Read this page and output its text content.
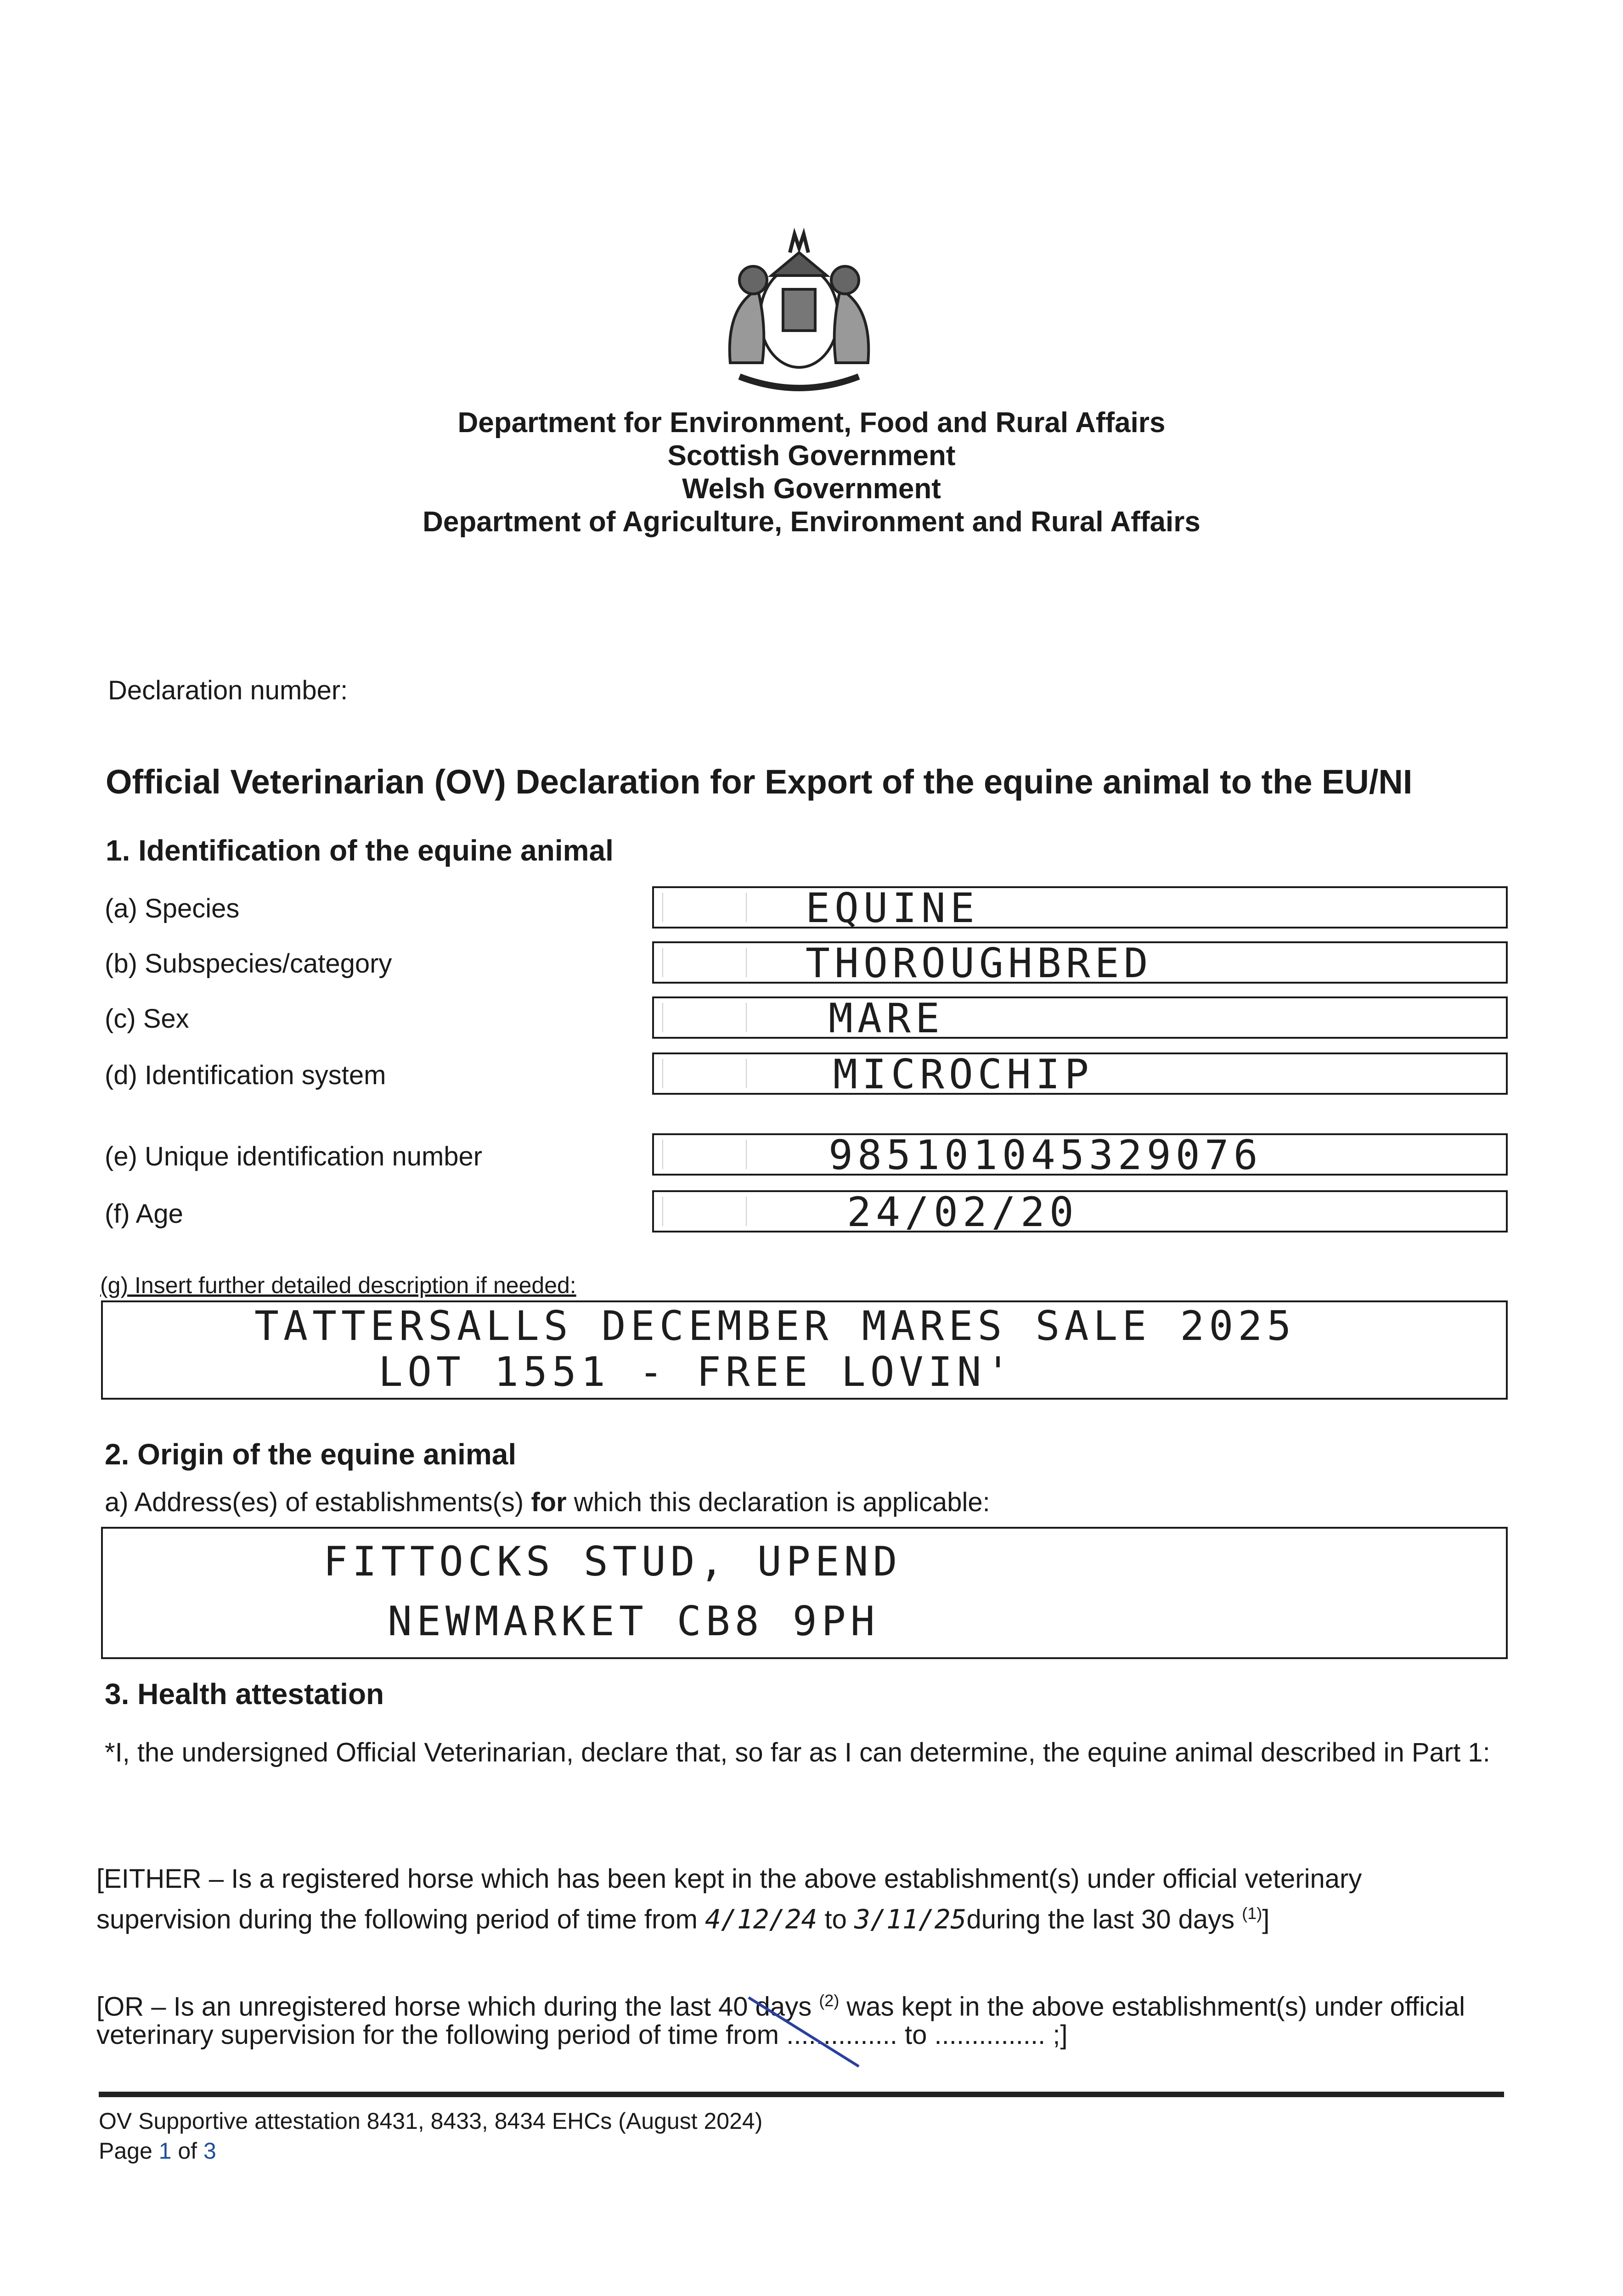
Department for Environment, Food and Rural Affairs
Scottish Government
Welsh Government
Department of Agriculture, Environment and Rural Affairs
Declaration number:
Official Veterinarian (OV) Declaration for Export of the equine animal to the EU/NI
1. Identification of the equine animal
(a) Species	EQUINE
(b) Subspecies/category	THOROUGHBRED
(c) Sex	MARE
(d) Identification system	MICROCHIP
(e) Unique identification number	985101045329076
(f) Age	24/02/20
(g) Insert further detailed description if needed:
TATTERSALLS DECEMBER MARES SALE 2025
LOT 1551 - FREE LOVIN'
2. Origin of the equine animal
a) Address(es) of establishments(s) for which this declaration is applicable:
FITTOCKS STUD, UPEND
NEWMARKET CB8 9PH
3. Health attestation
*I, the undersigned Official Veterinarian, declare that, so far as I can determine, the equine animal described in Part 1:
[EITHER – Is a registered horse which has been kept in the above establishment(s) under official veterinary
supervision during the following period of time from 4/12/24 to 3/11/25during the last 30 days $^{(1)}$]
[OR – Is an unregistered horse which during the last 40 days $^{(2)}$ was kept in the above establishment(s) under official
veterinary supervision for the following period of time from ............... to ............... ;]
OV Supportive attestation 8431, 8433, 8434 EHCs (August 2024)
Page 1 of 3
